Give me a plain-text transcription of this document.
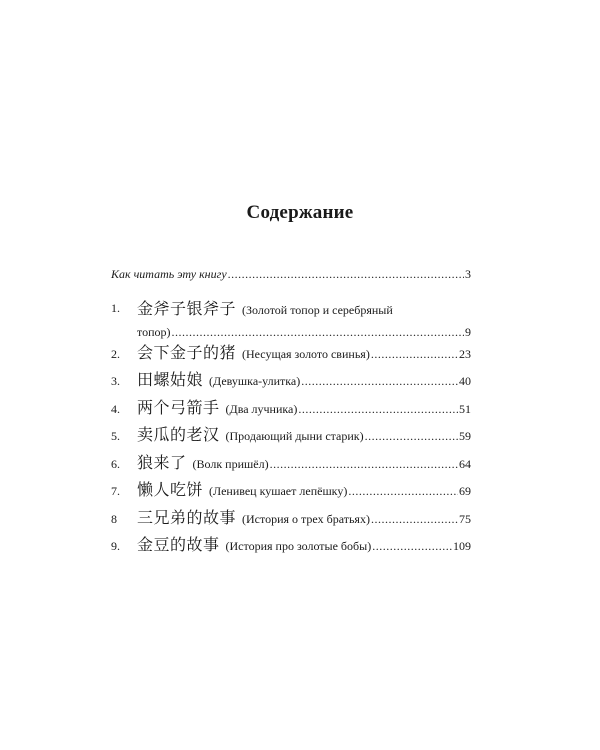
Содержание
Как читать эту книгу .....	3
1.	金斧子银斧子 (Золотой топор и серебряный
топор) .....	9
2.	会下金子的猪 (Несущая золото свинья) .....	23
3.	田螺姑娘 (Девушка-улитка) .....	40
4.	两个弓箭手 (Два лучника) .....	51
5.	卖瓜的老汉 (Продающий дыни старик) .....	59
6.	狼来了 (Волк пришёл) .....	64
7.	懒人吃饼 (Ленивец кушает лепёшку) .....	69
8	三兄弟的故事 (История о трех братьях) .....	75
9.	金豆的故事 (История про золотые бобы) .....	109
